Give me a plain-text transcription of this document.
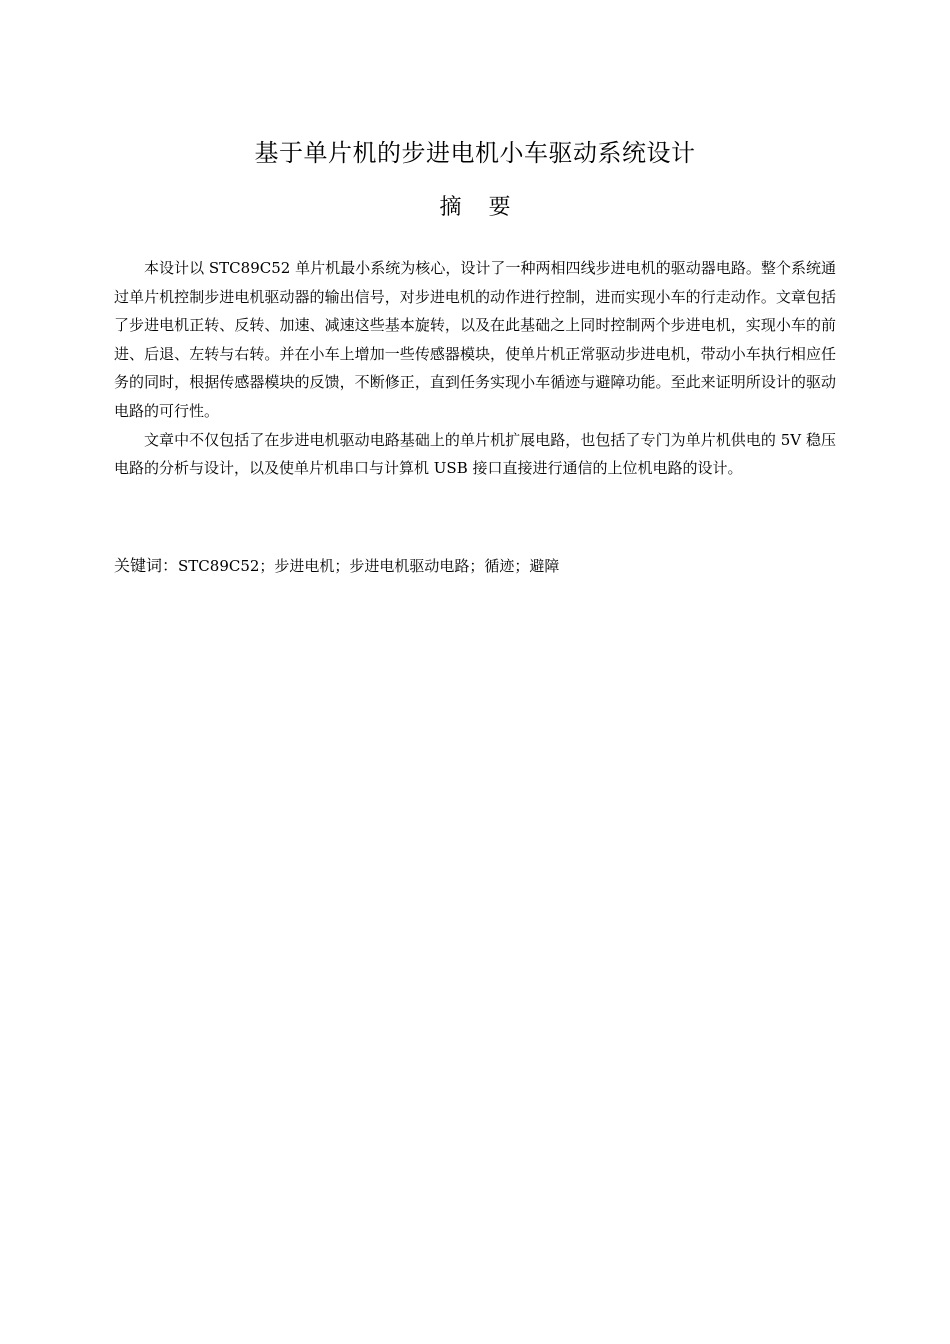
基于单片机的步进电机小车驱动系统设计
摘 要

本设计以 STC89C52 单片机最小系统为核心，设计了一种两相四线步进电机的驱动器电路。整个系统通过单片机控制步进电机驱动器的输出信号，对步进电机的动作进行控制，进而实现小车的行走动作。文章包括了步进电机正转、反转、加速、减速这些基本旋转，以及在此基础之上同时控制两个步进电机，实现小车的前进、后退、左转与右转。并在小车上增加一些传感器模块，使单片机正常驱动步进电机，带动小车执行相应任务的同时，根据传感器模块的反馈，不断修正，直到任务实现小车循迹与避障功能。至此来证明所设计的驱动电路的可行性。

文章中不仅包括了在步进电机驱动电路基础上的单片机扩展电路，也包括了专门为单片机供电的 5V 稳压电路的分析与设计，以及使单片机串口与计算机 USB 接口直接进行通信的上位机电路的设计。

关键词：STC89C52；步进电机；步进电机驱动电路；循迹；避障
